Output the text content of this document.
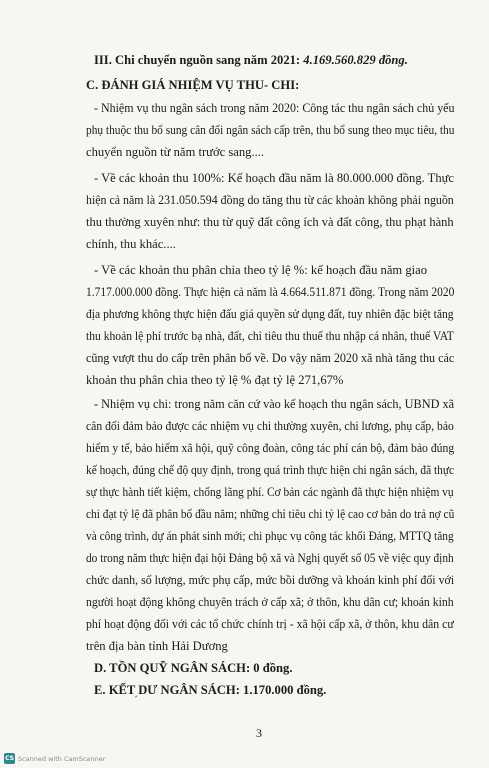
III. Chi chuyển nguồn sang năm 2021: 4.169.560.829 đồng.
C. ĐÁNH GIÁ NHIỆM VỤ THU- CHI:
- Nhiệm vụ thu ngân sách trong năm 2020: Công tác thu ngân sách chủ yếu
phụ thuộc thu bổ sung cân đối ngân sách cấp trên, thu bổ sung theo mục tiêu, thu
chuyển nguồn từ năm trước sang....
- Về các khoản thu 100%: Kế hoạch đầu năm là 80.000.000 đồng. Thực
hiện cả năm là 231.050.594 đồng do tăng thu từ các khoản không phải nguồn
thu thường xuyên như: thu từ quỹ đất công ích và đất công, thu phạt hành
chính, thu khác....
- Về các khoản thu phân chia theo tỷ lệ %: kế hoạch đầu năm giao
1.717.000.000 đồng. Thực hiện cả năm là 4.664.511.871 đồng. Trong năm 2020
địa phương không thực hiện đấu giá quyền sử dụng đất, tuy nhiên đặc biệt tăng
thu khoản lệ phí trước bạ nhà, đất, chỉ tiêu thu thuế thu nhập cá nhân, thuế VAT
cũng vượt thu do cấp trên phân bổ về. Do vậy năm 2020 xã nhà tăng thu các
khoản thu phân chia theo tỷ lệ % đạt tỷ lệ 271,67%
- Nhiệm vụ chi: trong năm căn cứ vào kế hoạch thu ngân sách, UBND xã
cân đối đảm bảo được các nhiệm vụ chi thường xuyên, chi lương, phụ cấp, bảo
hiểm y tế, bảo hiểm xã hội, quỹ công đoàn, công tác phí cán bộ, đảm bảo đúng
kế hoạch, đúng chế độ quy định, trong quá trình thực hiện chi ngân sách, đã thực
sự thực hành tiết kiệm, chống lãng phí. Cơ bản các ngành đã thực hiện nhiệm vụ
chi đạt tỷ lệ đã phân bổ đầu năm; những chỉ tiêu chi tỷ lệ cao cơ bản do trả nợ cũ
và công trình, dự án phát sinh mới; chi phục vụ công tác khối Đảng, MTTQ tăng
do trong năm thực hiện đại hội Đảng bộ xã và Nghị quyết số 05 về việc quy định
chức danh, số lượng, mức phụ cấp, mức bồi dưỡng và khoán kinh phí đối với
người hoạt động không chuyên trách ở cấp xã; ở thôn, khu dân cư; khoán kinh
phí hoạt động đối với các tổ chức chính trị - xã hội cấp xã, ở thôn, khu dân cư
trên địa bàn tỉnh Hải Dương
D. TỒN QUỸ NGÂN SÁCH: 0 đồng.
E. KẾT DƯ NGÂN SÁCH: 1.170.000 đồng.
ˊ
3
CS Scanned with CamScanner
